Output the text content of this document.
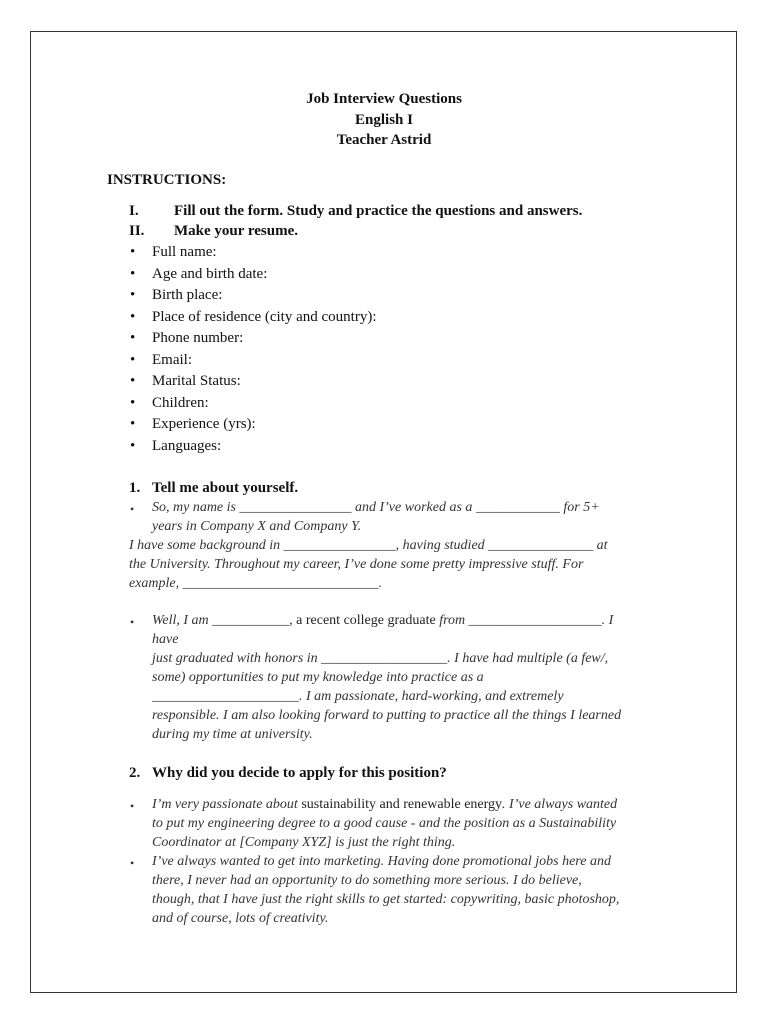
Job Interview Questions
English I
Teacher Astrid
INSTRUCTIONS:
I. Fill out the form. Study and practice the questions and answers.
II. Make your resume.
• Full name:
• Age and birth date:
• Birth place:
• Place of residence (city and country):
• Phone number:
• Email:
• Marital Status:
• Children:
• Experience (yrs):
• Languages:
1. Tell me about yourself.
• So, my name is ________________ and I’ve worked as a ____________ for 5+
years in Company X and Company Y.
I have some background in ________________, having studied _______________ at
the University. Throughout my career, I’ve done some pretty impressive stuff. For
example, ____________________________.
• Well, I am ___________, a recent college graduate from ___________________. I
have
just graduated with honors in __________________. I have had multiple (a few/,
some) opportunities to put my knowledge into practice as a
_____________________. I am passionate, hard-working, and extremely
responsible. I am also looking forward to putting to practice all the things I learned
during my time at university.
2. Why did you decide to apply for this position?
• I’m very passionate about sustainability and renewable energy. I’ve always wanted
to put my engineering degree to a good cause - and the position as a Sustainability
Coordinator at [Company XYZ] is just the right thing.
• I’ve always wanted to get into marketing. Having done promotional jobs here and
there, I never had an opportunity to do something more serious. I do believe,
though, that I have just the right skills to get started: copywriting, basic photoshop,
and of course, lots of creativity.
